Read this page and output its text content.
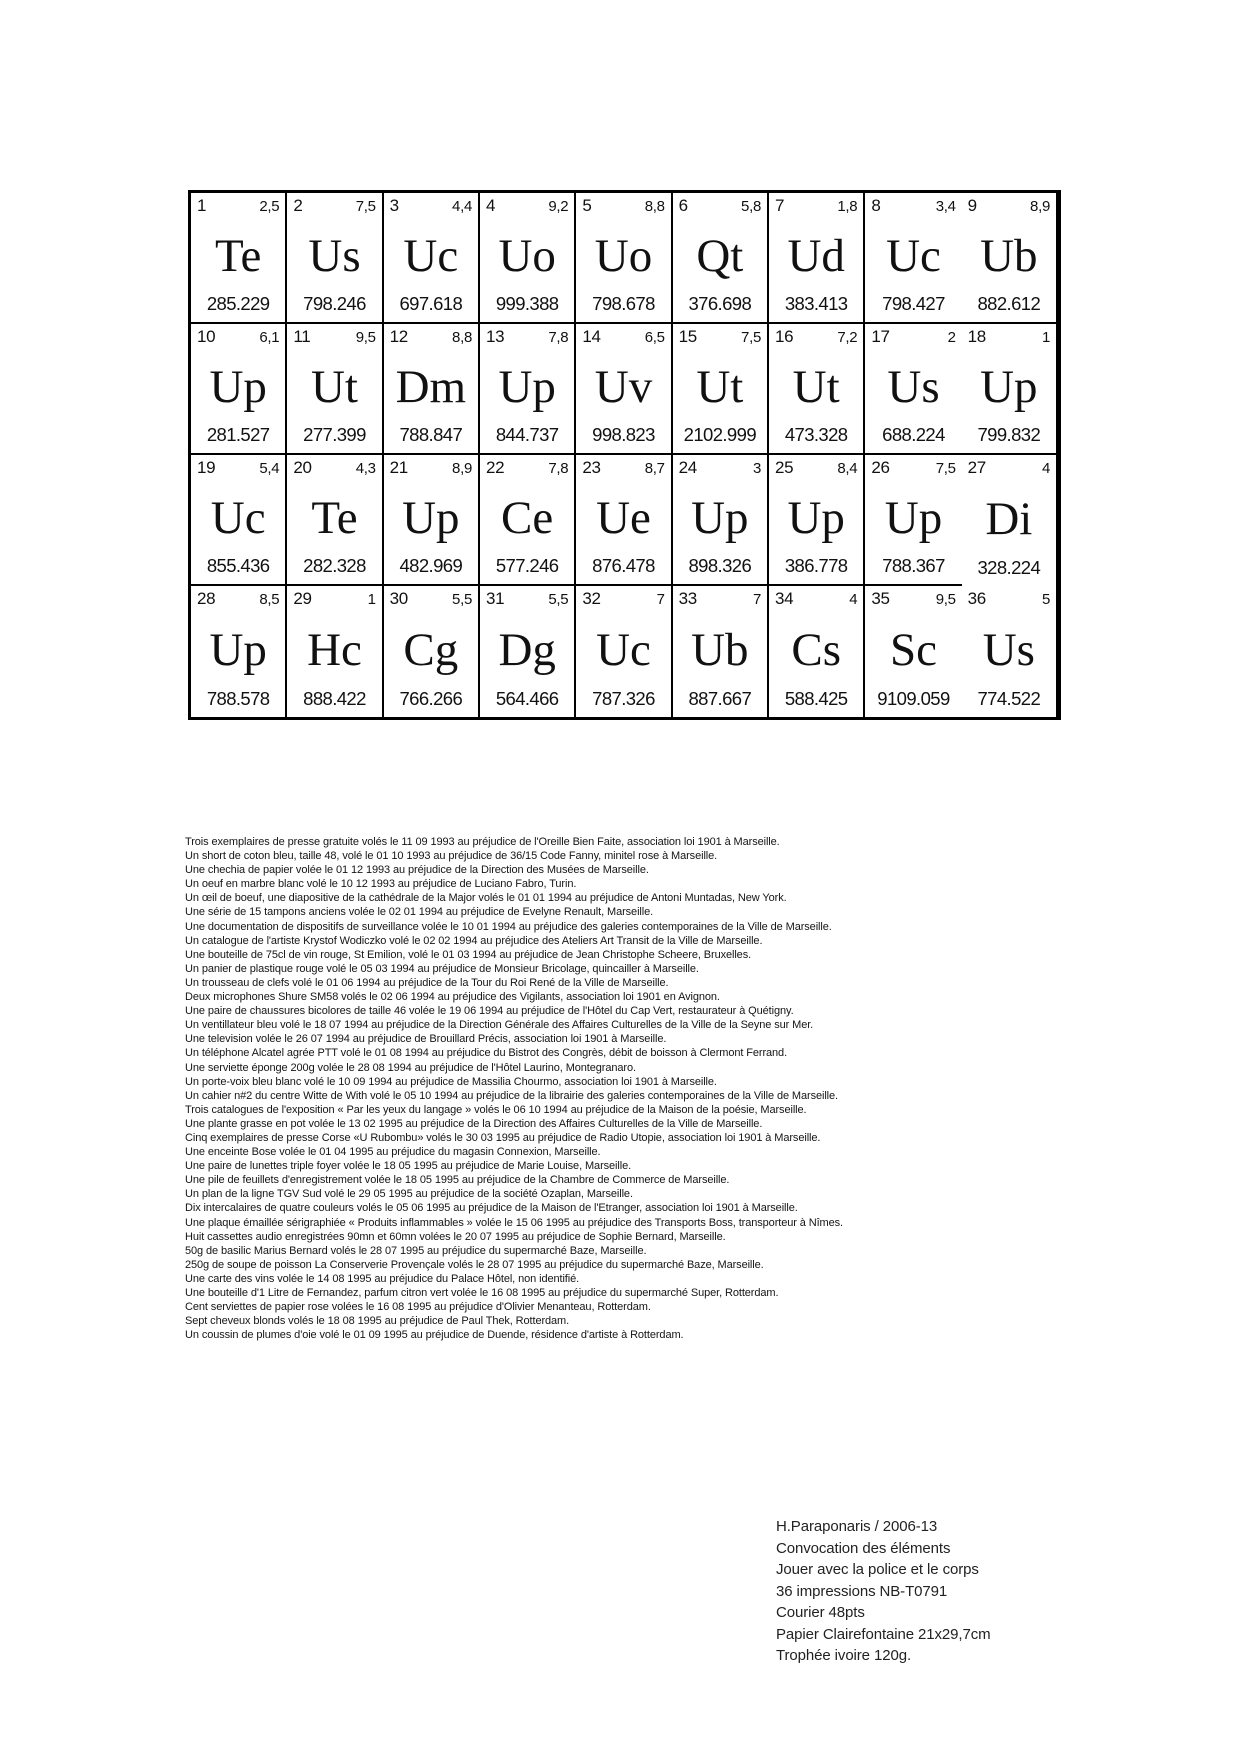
1	2,5
Te
285.229
2	7,5
Us
798.246
3	4,4
Uc
697.618
4	9,2
Uo
999.388
5	8,8
Uo
798.678
6	5,8
Qt
376.698
7	1,8
Ud
383.413
8	3,4
Uc
798.427
9	8,9
Ub
882.612
10	6,1
Up
281.527
11	9,5
Ut
277.399
12	8,8
Dm
788.847
13	7,8
Up
844.737
14	6,5
Uv
998.823
15	7,5
Ut
2102.999
16	7,2
Ut
473.328
17	2
Us
688.224
18	1
Up
799.832
19	5,4
Uc
855.436
20	4,3
Te
282.328
21	8,9
Up
482.969
22	7,8
Ce
577.246
23	8,7
Ue
876.478
24	3
Up
898.326
25	8,4
Up
386.778
26	7,5
Up
788.367
27	4
Di
328.224
28	8,5
Up
788.578
29	1
Hc
888.422
30	5,5
Cg
766.266
31	5,5
Dg
564.466
32	7
Uc
787.326
33	7
Ub
887.667
34	4
Cs
588.425
35	9,5
Sc
9109.059
36	5
Us
774.522
Trois exemplaires de presse gratuite volés le 11 09 1993 au préjudice de l'Oreille Bien Faite, association loi 1901 à Marseille.
Un short de coton bleu, taille 48, volé le 01 10 1993 au préjudice de 36/15 Code Fanny, minitel rose à Marseille.
Une chechia de papier volée le 01 12 1993 au préjudice de la Direction des Musées de Marseille.
Un oeuf en marbre blanc volé le 10 12 1993 au préjudice de Luciano Fabro, Turin.
Un œil de boeuf, une diapositive de la cathédrale de la Major volés le 01 01 1994 au préjudice de Antoni Muntadas, New York.
Une série de 15 tampons anciens volée le 02 01 1994 au préjudice de Evelyne Renault, Marseille.
Une documentation de dispositifs de surveillance volée le 10 01 1994 au préjudice des galeries contemporaines de la Ville de Marseille.
Un catalogue de l'artiste Krystof Wodiczko volé le 02 02 1994 au préjudice des Ateliers Art Transit de la Ville de Marseille.
Une bouteille de 75cl de vin rouge, St Emilion, volé le 01 03 1994 au préjudice de Jean Christophe Scheere, Bruxelles.
Un panier de plastique rouge volé le 05 03 1994 au préjudice de Monsieur Bricolage, quincailler à Marseille.
Un trousseau de clefs volé le 01 06 1994 au préjudice de la Tour du Roi René de la Ville de Marseille.
Deux microphones Shure SM58 volés le 02 06 1994 au préjudice des Vigilants, association loi 1901 en Avignon.
Une paire de chaussures bicolores de taille 46 volée le 19 06 1994 au préjudice de l'Hôtel du Cap Vert, restaurateur à Quétigny.
Un ventillateur bleu volé le 18 07 1994 au préjudice de la Direction Générale des Affaires Culturelles de la Ville de la Seyne sur Mer.
Une television volée le 26 07 1994 au préjudice de Brouillard Précis, association loi 1901 à Marseille.
Un téléphone Alcatel agrée PTT volé le 01 08 1994 au préjudice du Bistrot des Congrès, débit de boisson à Clermont Ferrand.
Une serviette éponge 200g volée le 28 08 1994 au préjudice de l'Hôtel Laurino, Montegranaro.
Un porte-voix bleu blanc volé le 10 09 1994 au préjudice de Massilia Chourmo, association loi 1901 à Marseille.
Un cahier n#2 du centre Witte de With volé le 05 10 1994 au préjudice de la librairie des galeries contemporaines de la Ville de Marseille.
Trois catalogues de l'exposition « Par les yeux du langage » volés le 06 10 1994 au préjudice de la Maison de la poésie, Marseille.
Une plante grasse en pot volée le 13 02 1995 au préjudice de la Direction des Affaires Culturelles de la Ville de Marseille.
Cinq exemplaires de presse Corse «U Rubombu» volés le 30 03 1995 au préjudice de Radio Utopie, association loi 1901 à Marseille.
Une enceinte Bose volée le 01 04 1995 au préjudice du magasin Connexion, Marseille.
Une paire de lunettes triple foyer volée le 18 05 1995 au préjudice de Marie Louise, Marseille.
Une pile de feuillets d'enregistrement volée le 18 05 1995 au préjudice de la Chambre de Commerce de Marseille.
Un plan de la ligne TGV Sud volé le 29 05 1995 au préjudice de la société Ozaplan, Marseille.
Dix intercalaires de quatre couleurs volés le 05 06 1995 au préjudice de la Maison de l'Etranger, association loi 1901 à Marseille.
Une plaque émaillée sérigraphiée « Produits inflammables » volée le 15 06 1995 au préjudice des Transports Boss, transporteur à Nîmes.
Huit cassettes audio enregistrées 90mn et 60mn volées le 20 07 1995 au préjudice de Sophie Bernard, Marseille.
50g de basilic Marius Bernard volés le 28 07 1995 au préjudice du supermarché Baze, Marseille.
250g de soupe de poisson La Conserverie Provençale volés le 28 07 1995 au préjudice du supermarché Baze, Marseille.
Une carte des vins volée le 14 08 1995 au préjudice du Palace Hôtel, non identifié.
Une bouteille d'1 Litre de Fernandez, parfum citron vert volée le 16 08 1995 au préjudice du supermarché Super, Rotterdam.
Cent serviettes de papier rose volées le 16 08 1995 au préjudice d'Olivier Menanteau, Rotterdam.
Sept cheveux blonds volés le 18 08 1995 au préjudice de Paul Thek, Rotterdam.
Un coussin de plumes d'oie volé le 01 09 1995 au préjudice de Duende, résidence d'artiste à Rotterdam.
H.Paraponaris / 2006-13
Convocation des éléments
Jouer avec la police et le corps
36 impressions NB-T0791
Courier 48pts
Papier Clairefontaine 21x29,7cm
Trophée ivoire 120g.
